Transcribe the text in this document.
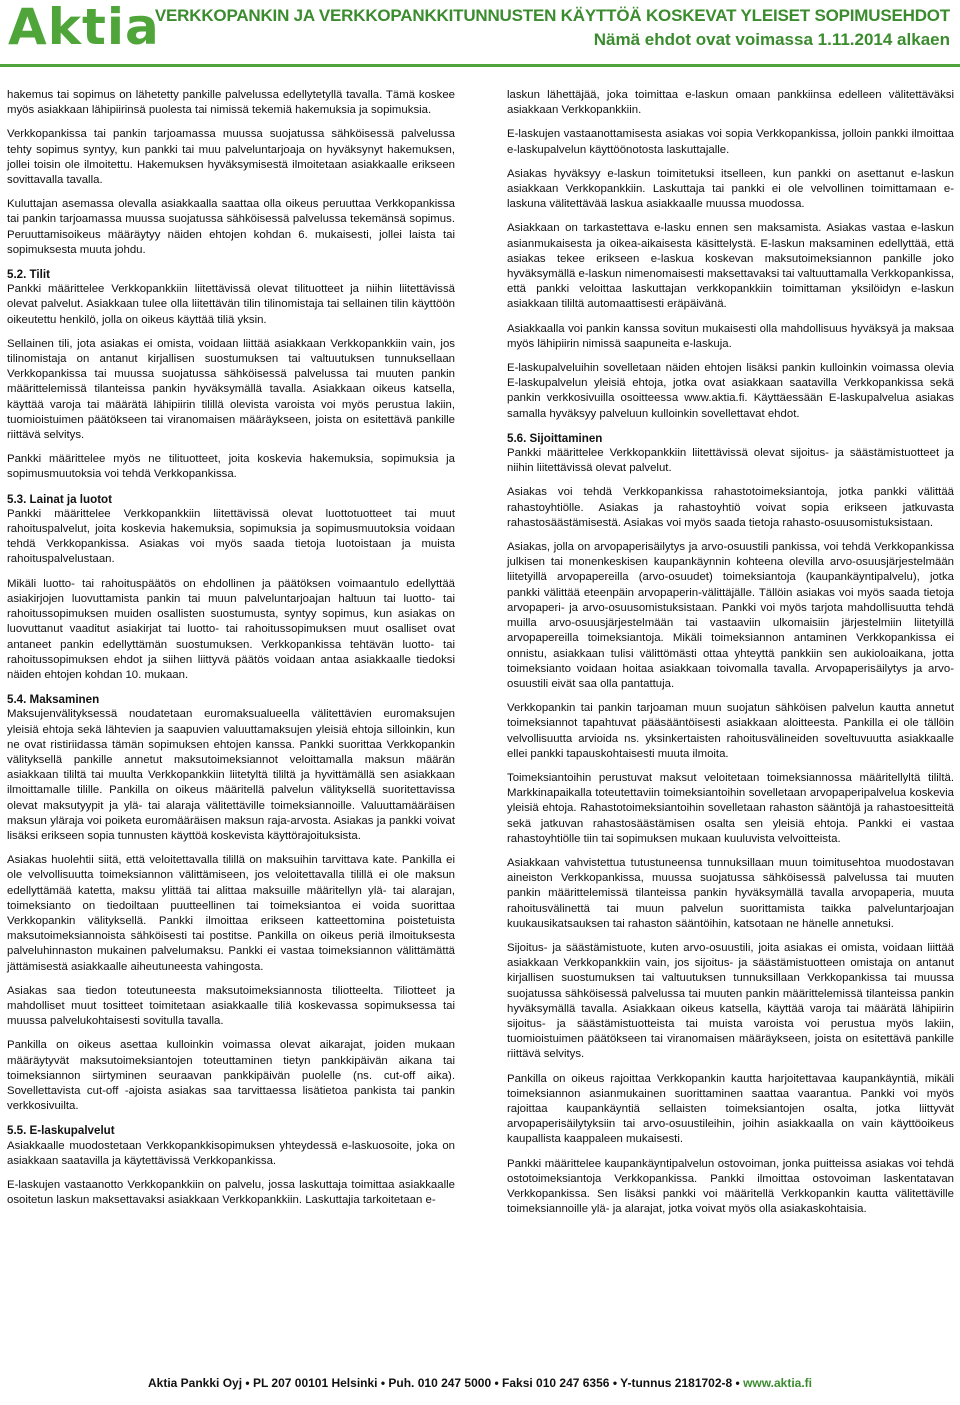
Aktia
VERKKOPANKIN JA VERKKOPANKKITUNNUSTEN KÄYTTÖÄ KOSKEVAT YLEISET SOPIMUSEHDOT
Nämä ehdot ovat voimassa 1.11.2014 alkaen

hakemus tai sopimus on lähetetty pankille palvelussa edellytetyllä tavalla. Tämä koskee myös asiakkaan lähipiirinsä puolesta tai nimissä tekemiä hakemuksia ja sopimuksia.

Verkkopankissa tai pankin tarjoamassa muussa suojatussa sähköisessä palvelussa tehty sopimus syntyy, kun pankki tai muu palveluntarjoaja on hyväksynyt hakemuksen, jollei toisin ole ilmoitettu. Hakemuksen hyväksymisestä ilmoitetaan asiakkaalle erikseen sovittavalla tavalla.

Kuluttajan asemassa olevalla asiakkaalla saattaa olla oikeus peruuttaa Verkkopankissa tai pankin tarjoamassa muussa suojatussa sähköisessä palvelussa tekemänsä sopimus. Peruuttamisoikeus määräytyy näiden ehtojen kohdan 6. mukaisesti, jollei laista tai sopimuksesta muuta johdu.

5.2. Tilit

Pankki määrittelee Verkkopankkiin liitettävissä olevat tilituotteet ja niihin liitettävissä olevat palvelut. Asiakkaan tulee olla liitettävän tilin tilinomistaja tai sellainen tilin käyttöön oikeutettu henkilö, jolla on oikeus käyttää tiliä yksin.

Sellainen tili, jota asiakas ei omista, voidaan liittää asiakkaan Verkkopankkiin vain, jos tilinomistaja on antanut kirjallisen suostumuksen tai valtuutuksen tunnuksellaan Verkkopankissa tai muussa suojatussa sähköisessä palvelussa tai muuten pankin määrittelemissä tilanteissa pankin hyväksymällä tavalla. Asiakkaan oikeus katsella, käyttää varoja tai määrätä lähipiirin tilillä olevista varoista voi myös perustua lakiin, tuomioistuimen päätökseen tai viranomaisen määräykseen, joista on esitettävä pankille riittävä selvitys.

Pankki määrittelee myös ne tilituotteet, joita koskevia hakemuksia, sopimuksia ja sopimusmuutoksia voi tehdä Verkkopankissa.

5.3. Lainat ja luotot

Pankki määrittelee Verkkopankkiin liitettävissä olevat luottotuotteet tai muut rahoituspalvelut, joita koskevia hakemuksia, sopimuksia ja sopimusmuutoksia voidaan tehdä Verkkopankissa. Asiakas voi myös saada tietoja luotoistaan ja muista rahoituspalvelustaan.

Mikäli luotto- tai rahoituspäätös on ehdollinen ja päätöksen voimaantulo edellyttää asiakirjojen luovuttamista pankin tai muun palveluntarjoajan haltuun tai luotto- tai rahoitussopimuksen muiden osallisten suostumusta, syntyy sopimus, kun asiakas on luovuttanut vaaditut asiakirjat tai luotto- tai rahoitussopimuksen muut osalliset ovat antaneet pankin edellyttämän suostumuksen. Verkkopankissa tehtävän luotto- tai rahoitussopimuksen ehdot ja siihen liittyvä päätös voidaan antaa asiakkaalle tiedoksi näiden ehtojen kohdan 10. mukaan.

5.4. Maksaminen

Maksujenvälityksessä noudatetaan euromaksualueella välitettävien euromaksujen yleisiä ehtoja sekä lähtevien ja saapuvien valuuttamaksujen yleisiä ehtoja silloinkin, kun ne ovat ristiriidassa tämän sopimuksen ehtojen kanssa. Pankki suorittaa Verkkopankin välityksellä pankille annetut maksutoimeksiannot veloittamalla maksun määrän asiakkaan tililtä tai muulta Verkkopankkiin liitetyltä tililtä ja hyvittämällä sen asiakkaan ilmoittamalle tilille. Pankilla on oikeus määritellä palvelun välityksellä suoritettavissa olevat maksutyypit ja ylä- tai alaraja välitettäville toimeksiannoille. Valuuttamääräisen maksun yläraja voi poiketa euromääräisen maksun raja-arvosta. Asiakas ja pankki voivat lisäksi erikseen sopia tunnusten käyttöä koskevista käyttörajoituksista.

Asiakas huolehtii siitä, että veloitettavalla tilillä on maksuihin tarvittava kate. Pankilla ei ole velvollisuutta toimeksiannon välittämiseen, jos veloitettavalla tilillä ei ole maksun edellyttämää katetta, maksu ylittää tai alittaa maksuille määritellyn ylä- tai alarajan, toimeksianto on tiedoiltaan puutteellinen tai toimeksiantoa ei voida suorittaa Verkkopankin välityksellä. Pankki ilmoittaa erikseen katteettomina poistetuista maksutoimeksiannoista sähköisesti tai postitse. Pankilla on oikeus periä ilmoituksesta palveluhinnaston mukainen palvelumaksu. Pankki ei vastaa toimeksiannon välittämättä jättämisestä asiakkaalle aiheutuneesta vahingosta.

Asiakas saa tiedon toteutuneesta maksutoimeksiannosta tiliotteelta. Tiliotteet ja mahdolliset muut tositteet toimitetaan asiakkaalle tiliä koskevassa sopimuksessa tai muussa palvelukohtaisesti sovitulla tavalla.

Pankilla on oikeus asettaa kulloinkin voimassa olevat aikarajat, joiden mukaan määräytyvät maksutoimeksiantojen toteuttaminen tietyn pankkipäivän aikana tai toimeksiannon siirtyminen seuraavan pankkipäivän puolelle (ns. cut-off aika). Sovellettavista cut-off -ajoista asiakas saa tarvittaessa lisätietoa pankista tai pankin verkkosivuilta.

5.5. E-laskupalvelut

Asiakkaalle muodostetaan Verkkopankkisopimuksen yhteydessä e-laskuosoite, joka on asiakkaan saatavilla ja käytettävissä Verkkopankissa.

E-laskujen vastaanotto Verkkopankkiin on palvelu, jossa laskuttaja toimittaa asiakkaalle osoitetun laskun maksettavaksi asiakkaan Verkkopankkiin. Laskuttajia tarkoitetaan e-

laskun lähettäjää, joka toimittaa e-laskun omaan pankkiinsa edelleen välitettäväksi asiakkaan Verkkopankkiin.

E-laskujen vastaanottamisesta asiakas voi sopia Verkkopankissa, jolloin pankki ilmoittaa e-laskupalvelun käyttöönotosta laskuttajalle.

Asiakas hyväksyy e-laskun toimitetuksi itselleen, kun pankki on asettanut e-laskun asiakkaan Verkkopankkiin. Laskuttaja tai pankki ei ole velvollinen toimittamaan e-laskuna välitettävää laskua asiakkaalle muussa muodossa.

Asiakkaan on tarkastettava e-lasku ennen sen maksamista. Asiakas vastaa e-laskun asianmukaisesta ja oikea-aikaisesta käsittelystä. E-laskun maksaminen edellyttää, että asiakas tekee erikseen e-laskua koskevan maksutoimeksiannon pankille joko hyväksymällä e-laskun nimenomaisesti maksettavaksi tai valtuuttamalla Verkkopankissa, että pankki veloittaa laskuttajan verkkopankkiin toimittaman yksilöidyn e-laskun asiakkaan tililtä automaattisesti eräpäivänä.

Asiakkaalla voi pankin kanssa sovitun mukaisesti olla mahdollisuus hyväksyä ja maksaa myös lähipiirin nimissä saapuneita e-laskuja.

E-laskupalveluihin sovelletaan näiden ehtojen lisäksi pankin kulloinkin voimassa olevia E-laskupalvelun yleisiä ehtoja, jotka ovat asiakkaan saatavilla Verkkopankissa sekä pankin verkkosivuilla osoitteessa www.aktia.fi. Käyttäessään E-laskupalvelua asiakas samalla hyväksyy palveluun kulloinkin sovellettavat ehdot.

5.6. Sijoittaminen

Pankki määrittelee Verkkopankkiin liitettävissä olevat sijoitus- ja säästämistuotteet ja niihin liitettävissä olevat palvelut.

Asiakas voi tehdä Verkkopankissa rahastotoimeksiantoja, jotka pankki välittää rahastoyhtiölle. Asiakas ja rahastoyhtiö voivat sopia erikseen jatkuvasta rahastosäästämisestä. Asiakas voi myös saada tietoja rahasto-osuusomistuksistaan.

Asiakas, jolla on arvopaperisäilytys ja arvo-osuustili pankissa, voi tehdä Verkkopankissa julkisen tai monenkeskisen kaupankäynnin kohteena olevilla arvo-osuusjärjestelmään liitetyillä arvopapereilla (arvo-osuudet) toimeksiantoja (kaupankäyntipalvelu), jotka pankki välittää eteenpäin arvopaperin-välittäjälle. Tällöin asiakas voi myös saada tietoja arvopaperi- ja arvo-osuusomistuksistaan. Pankki voi myös tarjota mahdollisuutta tehdä muilla arvo-osuusjärjestelmään tai vastaaviin ulkomaisiin järjestelmiin liitetyillä arvopapereilla toimeksiantoja. Mikäli toimeksiannon antaminen Verkkopankissa ei onnistu, asiakkaan tulisi välittömästi ottaa yhteyttä pankkiin sen aukioloaikana, jotta toimeksianto voidaan hoitaa asiakkaan toivomalla tavalla. Arvopaperisäilytys ja arvo-osuustili eivät saa olla pantattuja.

Verkkopankin tai pankin tarjoaman muun suojatun sähköisen palvelun kautta annetut toimeksiannot tapahtuvat pääsääntöisesti asiakkaan aloitteesta. Pankilla ei ole tällöin velvollisuutta arvioida ns. yksinkertaisten rahoitusvälineiden soveltuvuutta asiakkaalle ellei pankki tapauskohtaisesti muuta ilmoita.

Toimeksiantoihin perustuvat maksut veloitetaan toimeksiannossa määritellyltä tililtä. Markkinapaikalla toteutettaviin toimeksiantoihin sovelletaan arvopaperipalvelua koskevia yleisiä ehtoja. Rahastotoimeksiantoihin sovelletaan rahaston sääntöjä ja rahastoesitteitä sekä jatkuvan rahastosäästämisen osalta sen yleisiä ehtoja. Pankki ei vastaa rahastoyhtiölle tiin tai sopimuksen mukaan kuuluvista velvoitteista.

Asiakkaan vahvistettua tutustuneensa tunnuksillaan muun toimitusehtoa muodostavan aineiston Verkkopankissa, muussa suojatussa sähköisessä palvelussa tai muuten pankin määrittelemissä tilanteissa pankin hyväksymällä tavalla arvopaperia, muuta rahoitusvälinettä tai muun palvelun suorittamista taikka palveluntarjoajan kuukausikatsauksen tai rahaston sääntöihin, katsotaan ne hänelle annetuksi.

Sijoitus- ja säästämistuote, kuten arvo-osuustili, joita asiakas ei omista, voidaan liittää asiakkaan Verkkopankkiin vain, jos sijoitus- ja säästämistuotteen omistaja on antanut kirjallisen suostumuksen tai valtuutuksen tunnuksillaan Verkkopankissa tai muussa suojatussa sähköisessä palvelussa tai muuten pankin määrittelemissä tilanteissa pankin hyväksymällä tavalla. Asiakkaan oikeus katsella, käyttää varoja tai määrätä lähipiirin sijoitus- ja säästämistuotteista tai muista varoista voi perustua myös lakiin, tuomioistuimen päätökseen tai viranomaisen määräykseen, joista on esitettävä pankille riittävä selvitys.

Pankilla on oikeus rajoittaa Verkkopankin kautta harjoitettavaa kaupankäyntiä, mikäli toimeksiannon asianmukainen suorittaminen saattaa vaarantua. Pankki voi myös rajoittaa kaupankäyntiä sellaisten toimeksiantojen osalta, jotka liittyvät arvopaperisäilytyksiin tai arvo-osuustileihin, joihin asiakkaalla on vain käyttöoikeus kaupallista kaappaleen mukaisesti.

Pankki määrittelee kaupankäyntipalvelun ostovoiman, jonka puitteissa asiakas voi tehdä ostotoimeksiantoja Verkkopankissa. Pankki ilmoittaa ostovoiman laskentatavan Verkkopankissa. Sen lisäksi pankki voi määritellä Verkkopankin kautta välitettäville toimeksiannoille ylä- ja alarajat, jotka voivat myös olla asiakaskohtaisia.

Aktia Pankki Oyj • PL 207 00101 Helsinki • Puh. 010 247 5000 • Faksi 010 247 6356 • Y-tunnus 2181702-8 • www.aktia.fi
